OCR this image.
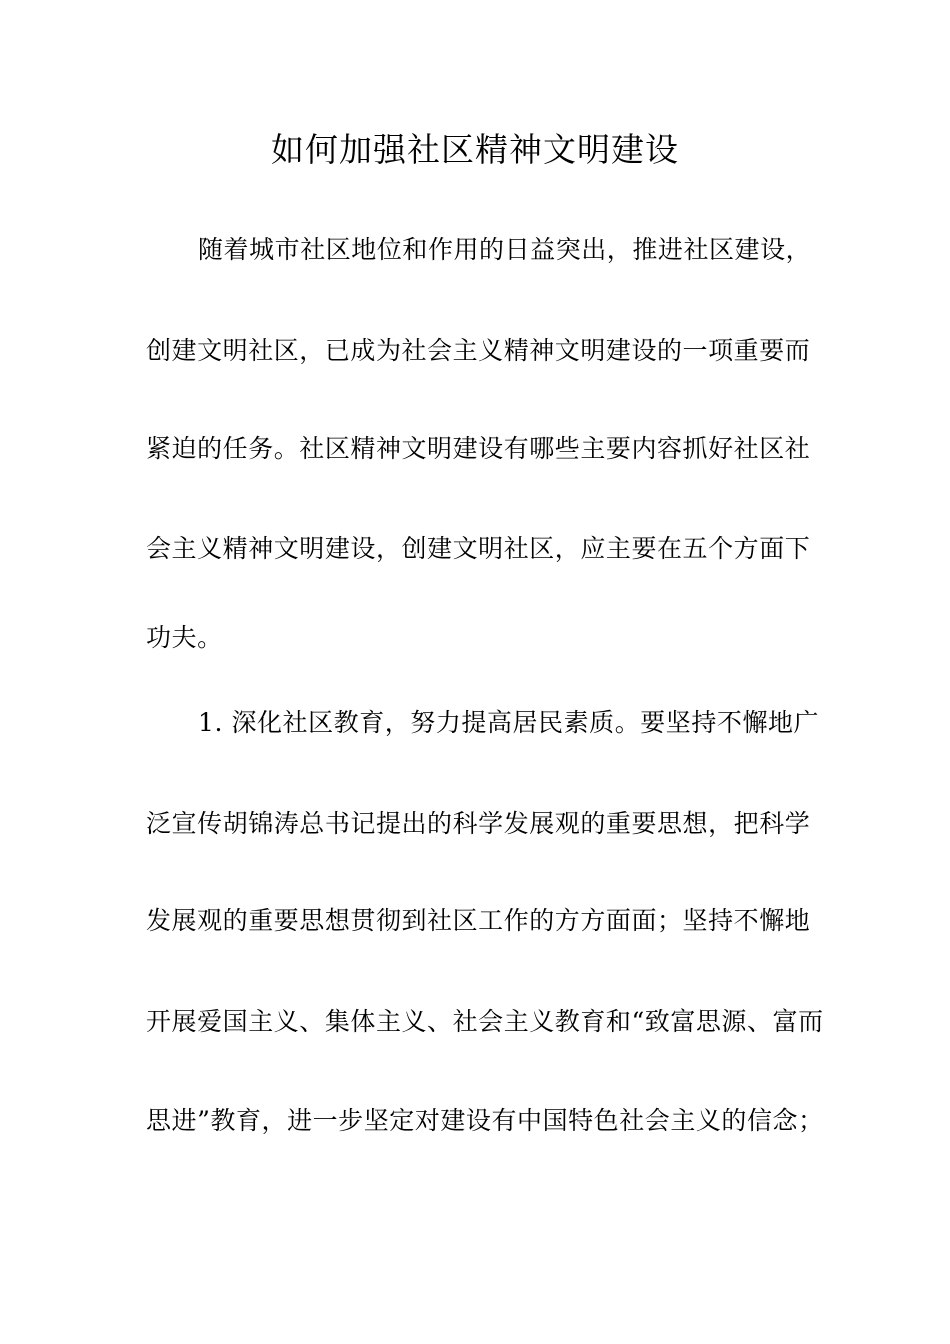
如何加强社区精神文明建设
随着城市社区地位和作用的日益突出，推进社区建设，
创建文明社区，已成为社会主义精神文明建设的一项重要而
紧迫的任务。社区精神文明建设有哪些主要内容抓好社区社
会主义精神文明建设，创建文明社区，应主要在五个方面下
功夫。
1. 深化社区教育，努力提高居民素质。要坚持不懈地广
泛宣传胡锦涛总书记提出的科学发展观的重要思想，把科学
发展观的重要思想贯彻到社区工作的方方面面；坚持不懈地
开展爱国主义、集体主义、社会主义教育和“致富思源、富而
思进”教育，进一步坚定对建设有中国特色社会主义的信念；
